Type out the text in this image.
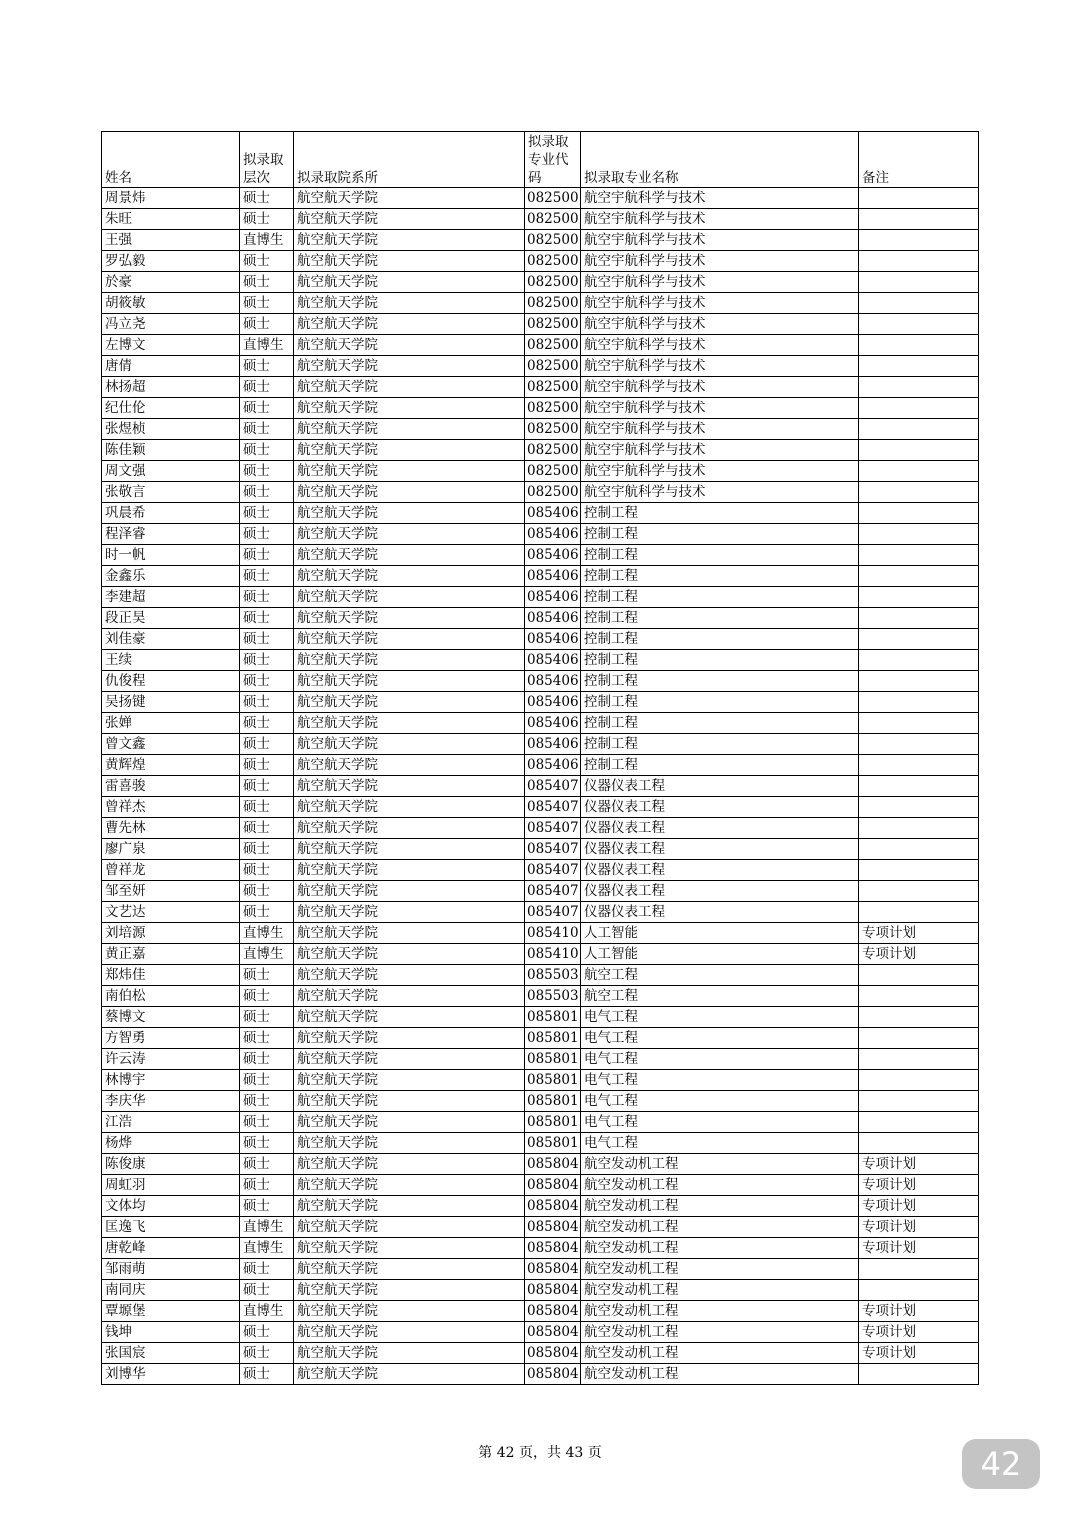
姓名	拟录取层次	拟录取院系所	拟录取专业代码	拟录取专业名称	备注
周景炜	硕士	航空航天学院	082500	航空宇航科学与技术	
朱旺	硕士	航空航天学院	082500	航空宇航科学与技术	
王强	直博生	航空航天学院	082500	航空宇航科学与技术	
罗弘毅	硕士	航空航天学院	082500	航空宇航科学与技术	
於豪	硕士	航空航天学院	082500	航空宇航科学与技术	
胡筱敏	硕士	航空航天学院	082500	航空宇航科学与技术	
冯立尧	硕士	航空航天学院	082500	航空宇航科学与技术	
左博文	直博生	航空航天学院	082500	航空宇航科学与技术	
唐倩	硕士	航空航天学院	082500	航空宇航科学与技术	
林扬超	硕士	航空航天学院	082500	航空宇航科学与技术	
纪仕伦	硕士	航空航天学院	082500	航空宇航科学与技术	
张煜桢	硕士	航空航天学院	082500	航空宇航科学与技术	
陈佳颖	硕士	航空航天学院	082500	航空宇航科学与技术	
周文强	硕士	航空航天学院	082500	航空宇航科学与技术	
张敬言	硕士	航空航天学院	082500	航空宇航科学与技术	
巩晨希	硕士	航空航天学院	085406	控制工程	
程泽睿	硕士	航空航天学院	085406	控制工程	
时一帆	硕士	航空航天学院	085406	控制工程	
金鑫乐	硕士	航空航天学院	085406	控制工程	
李建超	硕士	航空航天学院	085406	控制工程	
段正昊	硕士	航空航天学院	085406	控制工程	
刘佳豪	硕士	航空航天学院	085406	控制工程	
王续	硕士	航空航天学院	085406	控制工程	
仇俊程	硕士	航空航天学院	085406	控制工程	
吴扬键	硕士	航空航天学院	085406	控制工程	
张婵	硕士	航空航天学院	085406	控制工程	
曾文鑫	硕士	航空航天学院	085406	控制工程	
黄辉煌	硕士	航空航天学院	085406	控制工程	
雷喜骏	硕士	航空航天学院	085407	仪器仪表工程	
曾祥杰	硕士	航空航天学院	085407	仪器仪表工程	
曹先林	硕士	航空航天学院	085407	仪器仪表工程	
廖广泉	硕士	航空航天学院	085407	仪器仪表工程	
曾祥龙	硕士	航空航天学院	085407	仪器仪表工程	
邹至妍	硕士	航空航天学院	085407	仪器仪表工程	
文艺达	硕士	航空航天学院	085407	仪器仪表工程	
刘培源	直博生	航空航天学院	085410	人工智能	专项计划
黄正嘉	直博生	航空航天学院	085410	人工智能	专项计划
郑炜佳	硕士	航空航天学院	085503	航空工程	
南伯松	硕士	航空航天学院	085503	航空工程	
蔡博文	硕士	航空航天学院	085801	电气工程	
方智勇	硕士	航空航天学院	085801	电气工程	
许云涛	硕士	航空航天学院	085801	电气工程	
林博宇	硕士	航空航天学院	085801	电气工程	
李庆华	硕士	航空航天学院	085801	电气工程	
江浩	硕士	航空航天学院	085801	电气工程	
杨烨	硕士	航空航天学院	085801	电气工程	
陈俊康	硕士	航空航天学院	085804	航空发动机工程	专项计划
周虹羽	硕士	航空航天学院	085804	航空发动机工程	专项计划
文体均	硕士	航空航天学院	085804	航空发动机工程	专项计划
匡逸飞	直博生	航空航天学院	085804	航空发动机工程	专项计划
唐乾峰	直博生	航空航天学院	085804	航空发动机工程	专项计划
邹雨萌	硕士	航空航天学院	085804	航空发动机工程	
南同庆	硕士	航空航天学院	085804	航空发动机工程	
覃塬堡	直博生	航空航天学院	085804	航空发动机工程	专项计划
钱坤	硕士	航空航天学院	085804	航空发动机工程	专项计划
张国宸	硕士	航空航天学院	085804	航空发动机工程	专项计划
刘博华	硕士	航空航天学院	085804	航空发动机工程	
第 42 页，共 43 页	42
